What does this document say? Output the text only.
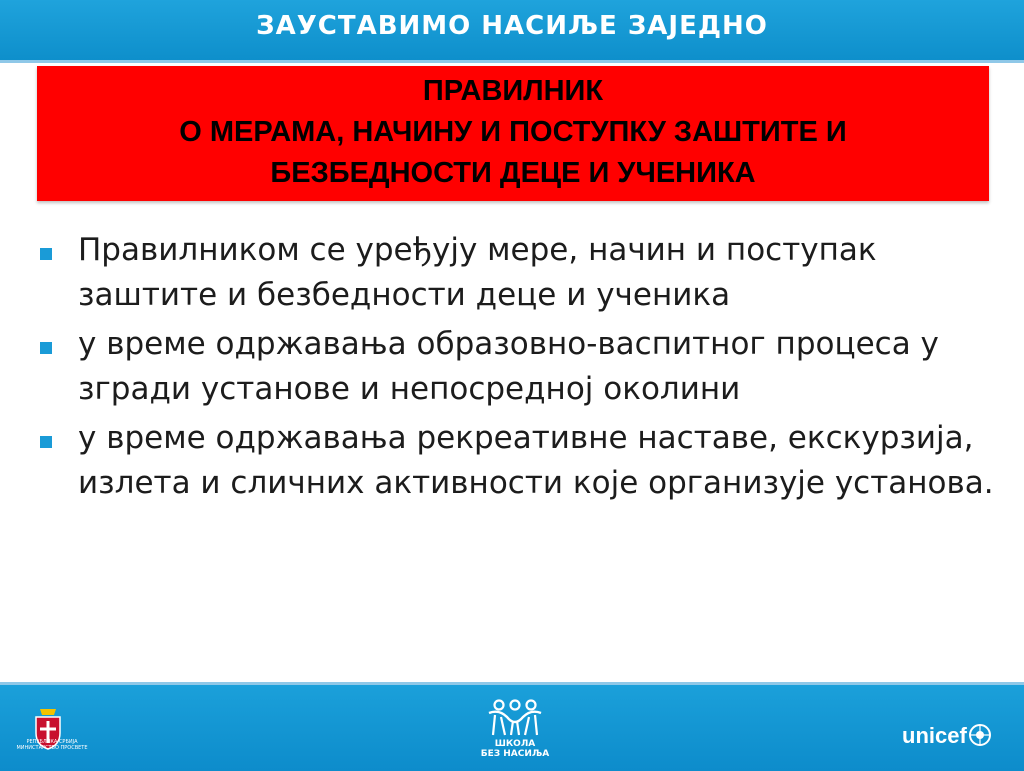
ЗАУСТАВИМО НАСИЉЕ ЗАЈЕДНО
ПРАВИЛНИК
О МЕРАМА, НАЧИНУ И ПОСТУПКУ ЗАШТИТЕ И
БЕЗБЕДНОСТИ ДЕЦЕ И УЧЕНИКА
Правилником се уређују мере, начин и поступак заштите и безбедности деце и ученика
у време одржавања образовно-васпитног процеса у згради установе и непосредној околини
у време одржавања рекреативне наставе, екскурзија, излета и сличних активности које организује установа.
РЕПУБЛИКА СРБИЈА МИНИСТАРСТВО ПРОСВЕТЕ	ШКОЛА
БЕЗ НАСИЉА
unicef
